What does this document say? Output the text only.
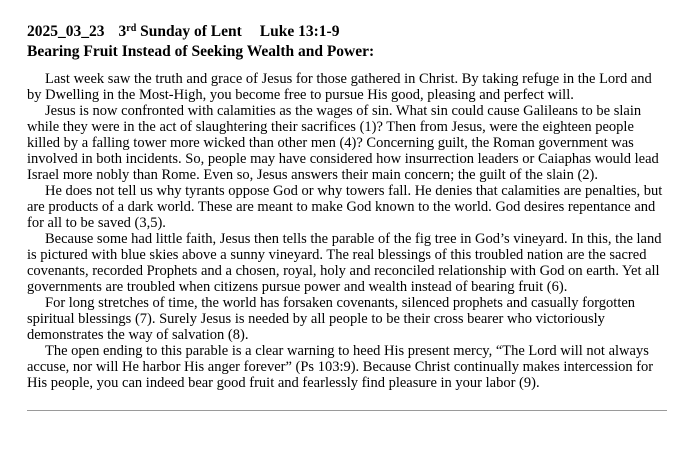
2025_03_23 3rd Sunday of Lent Luke 13:1-9
Bearing Fruit Instead of Seeking Wealth and Power:

Last week saw the truth and grace of Jesus for those gathered in Christ. By taking refuge in the Lord and by Dwelling in the Most-High, you become free to pursue His good, pleasing and perfect will.

Jesus is now confronted with calamities as the wages of sin. What sin could cause Galileans to be slain while they were in the act of slaughtering their sacrifices (1)? Then from Jesus, were the eighteen people killed by a falling tower more wicked than other men (4)? Concerning guilt, the Roman government was involved in both incidents. So, people may have considered how insurrection leaders or Caiaphas would lead Israel more nobly than Rome. Even so, Jesus answers their main concern; the guilt of the slain (2).

He does not tell us why tyrants oppose God or why towers fall. He denies that calamities are penalties, but are products of a dark world. These are meant to make God known to the world. God desires repentance and for all to be saved (3,5).

Because some had little faith, Jesus then tells the parable of the fig tree in God’s vineyard. In this, the land is pictured with blue skies above a sunny vineyard. The real blessings of this troubled nation are the sacred covenants, recorded Prophets and a chosen, royal, holy and reconciled relationship with God on earth. Yet all governments are troubled when citizens pursue power and wealth instead of bearing fruit (6).

For long stretches of time, the world has forsaken covenants, silenced prophets and casually forgotten spiritual blessings (7). Surely Jesus is needed by all people to be their cross bearer who victoriously demonstrates the way of salvation (8).

The open ending to this parable is a clear warning to heed His present mercy, “The Lord will not always accuse, nor will He harbor His anger forever” (Ps 103:9). Because Christ continually makes intercession for His people, you can indeed bear good fruit and fearlessly find pleasure in your labor (9).
